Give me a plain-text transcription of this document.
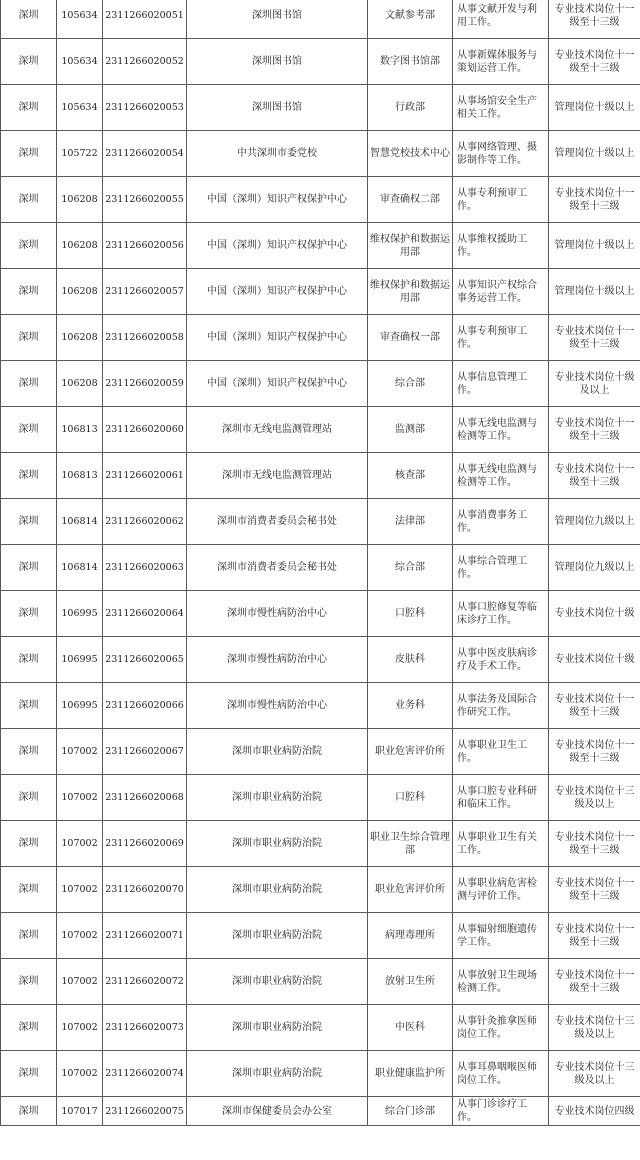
深圳	105634	2311266020051	深圳图书馆	文献参考部	从事文献开发与利用工作。	专业技术岗位十一级至十三级
深圳	105634	2311266020052	深圳图书馆	数字图书馆部	从事新媒体服务与策划运营工作。	专业技术岗位十一级至十三级
深圳	105634	2311266020053	深圳图书馆	行政部	从事场馆安全生产相关工作。	管理岗位十级以上
深圳	105722	2311266020054	中共深圳市委党校	智慧党校技术中心	从事网络管理、摄影制作等工作。	管理岗位十级以上
深圳	106208	2311266020055	中国（深圳）知识产权保护中心	审查确权二部	从事专利预审工作。	专业技术岗位十一级至十三级
深圳	106208	2311266020056	中国（深圳）知识产权保护中心	维权保护和数据运用部	从事维权援助工作。	管理岗位十级以上
深圳	106208	2311266020057	中国（深圳）知识产权保护中心	维权保护和数据运用部	从事知识产权综合事务运营工作。	管理岗位十级以上
深圳	106208	2311266020058	中国（深圳）知识产权保护中心	审查确权一部	从事专利预审工作。	专业技术岗位十一级至十三级
深圳	106208	2311266020059	中国（深圳）知识产权保护中心	综合部	从事信息管理工作。	专业技术岗位十级及以上
深圳	106813	2311266020060	深圳市无线电监测管理站	监测部	从事无线电监测与检测等工作。	专业技术岗位十一级至十三级
深圳	106813	2311266020061	深圳市无线电监测管理站	核查部	从事无线电监测与检测等工作。	专业技术岗位十一级至十三级
深圳	106814	2311266020062	深圳市消费者委员会秘书处	法律部	从事消费事务工作。	管理岗位九级以上
深圳	106814	2311266020063	深圳市消费者委员会秘书处	综合部	从事综合管理工作。	管理岗位九级以上
深圳	106995	2311266020064	深圳市慢性病防治中心	口腔科	从事口腔修复等临床诊疗工作。	专业技术岗位十级
深圳	106995	2311266020065	深圳市慢性病防治中心	皮肤科	从事中医皮肤病诊疗及手术工作。	专业技术岗位十级
深圳	106995	2311266020066	深圳市慢性病防治中心	业务科	从事法务及国际合作研究工作。	专业技术岗位十一级至十三级
深圳	107002	2311266020067	深圳市职业病防治院	职业危害评价所	从事职业卫生工作。	专业技术岗位十一级至十三级
深圳	107002	2311266020068	深圳市职业病防治院	口腔科	从事口腔专业科研和临床工作。	专业技术岗位十三级及以上
深圳	107002	2311266020069	深圳市职业病防治院	职业卫生综合管理部	从事职业卫生有关工作。	专业技术岗位十一级至十三级
深圳	107002	2311266020070	深圳市职业病防治院	职业危害评价所	从事职业病危害检测与评价工作。	专业技术岗位十一级至十三级
深圳	107002	2311266020071	深圳市职业病防治院	病理毒理所	从事辐射细胞遗传学工作。	专业技术岗位十一级至十三级
深圳	107002	2311266020072	深圳市职业病防治院	放射卫生所	从事放射卫生现场检测工作。	专业技术岗位十一级至十三级
深圳	107002	2311266020073	深圳市职业病防治院	中医科	从事针灸推拿医师岗位工作。	专业技术岗位十三级及以上
深圳	107002	2311266020074	深圳市职业病防治院	职业健康监护所	从事耳鼻咽喉医师岗位工作。	专业技术岗位十三级及以上
深圳	107017	2311266020075	深圳市保健委员会办公室	综合门诊部	从事门诊诊疗工作。	专业技术岗位四级
